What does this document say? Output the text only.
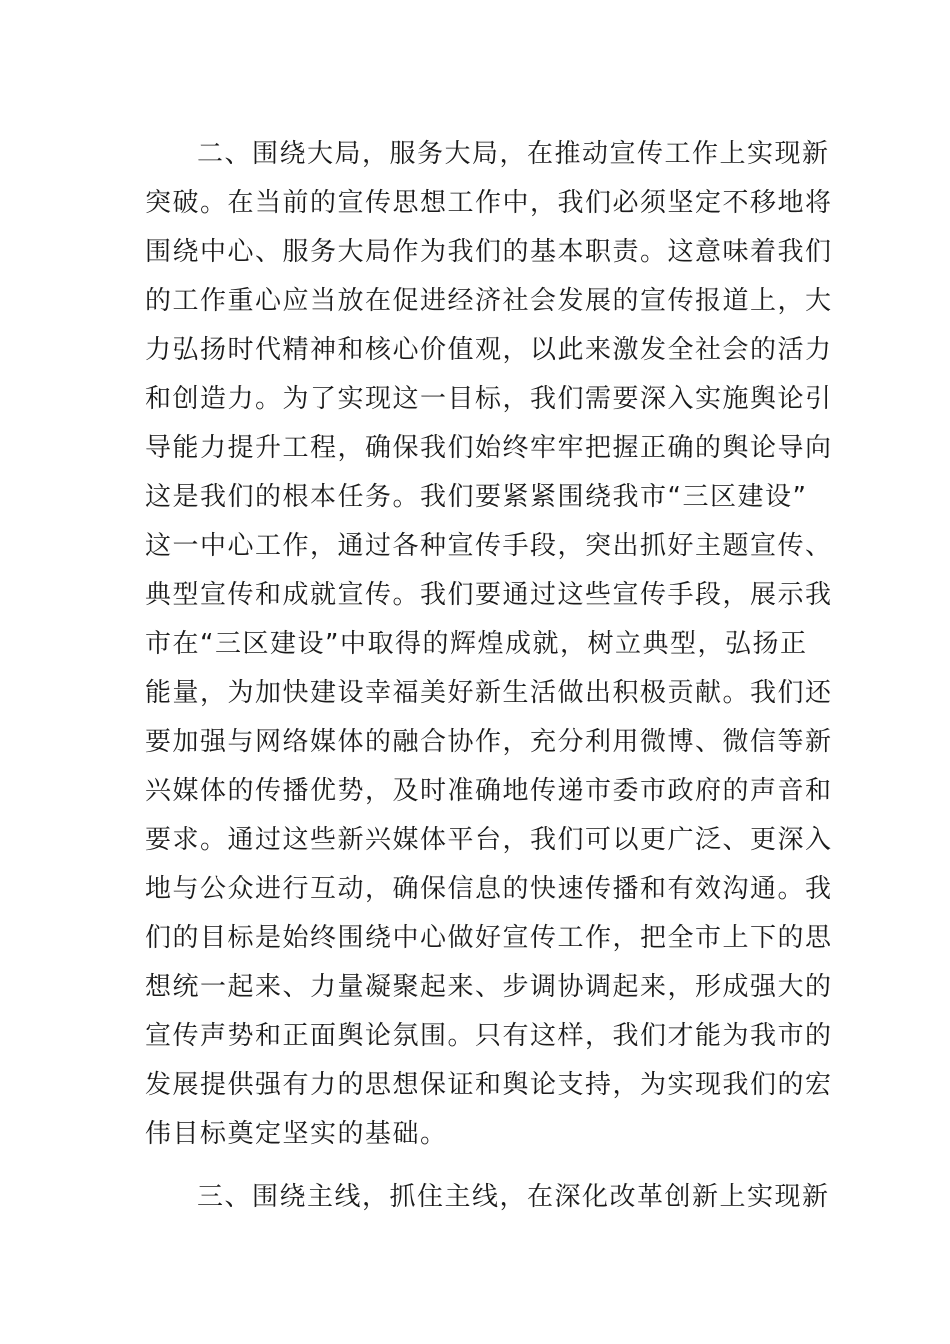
二、围绕大局，服务大局，在推动宣传工作上实现新
突破。在当前的宣传思想工作中，我们必须坚定不移地将
围绕中心、服务大局作为我们的基本职责。这意味着我们
的工作重心应当放在促进经济社会发展的宣传报道上，大
力弘扬时代精神和核心价值观，以此来激发全社会的活力
和创造力。为了实现这一目标，我们需要深入实施舆论引
导能力提升工程，确保我们始终牢牢把握正确的舆论导向
这是我们的根本任务。我们要紧紧围绕我市“三区建设”
这一中心工作，通过各种宣传手段，突出抓好主题宣传、
典型宣传和成就宣传。我们要通过这些宣传手段，展示我
市在“三区建设”中取得的辉煌成就，树立典型，弘扬正
能量，为加快建设幸福美好新生活做出积极贡献。我们还
要加强与网络媒体的融合协作，充分利用微博、微信等新
兴媒体的传播优势，及时准确地传递市委市政府的声音和
要求。通过这些新兴媒体平台，我们可以更广泛、更深入
地与公众进行互动，确保信息的快速传播和有效沟通。我
们的目标是始终围绕中心做好宣传工作，把全市上下的思
想统一起来、力量凝聚起来、步调协调起来，形成强大的
宣传声势和正面舆论氛围。只有这样，我们才能为我市的
发展提供强有力的思想保证和舆论支持，为实现我们的宏
伟目标奠定坚实的基础。
三、围绕主线，抓住主线，在深化改革创新上实现新
